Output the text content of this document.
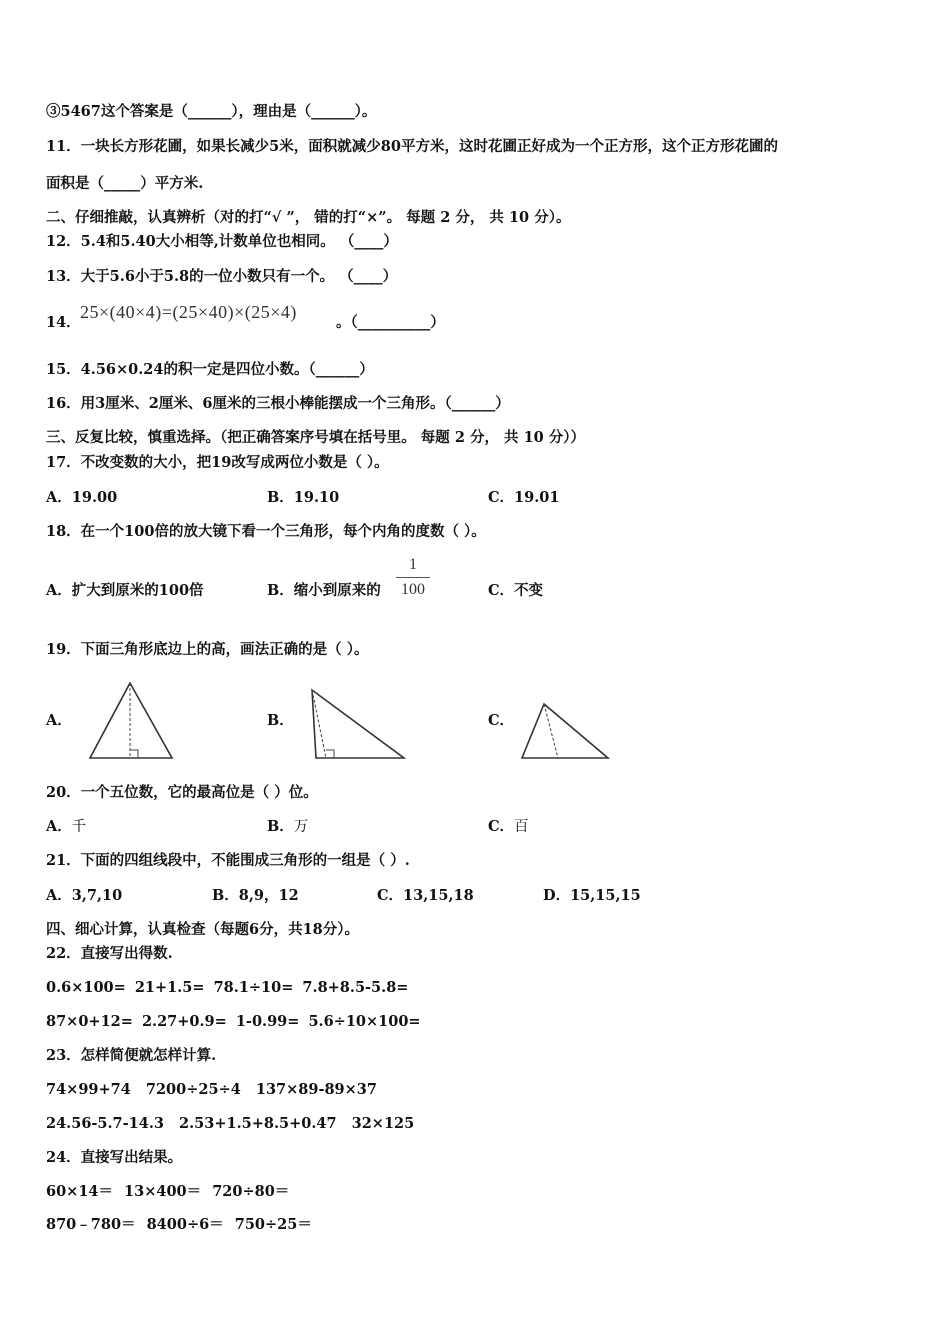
③5467这个答案是（______），理由是（______）。
11．一块长方形花圃，如果长减少5米，面积就减少80平方米，这时花圃正好成为一个正方形，这个正方形花圃的
面积是（_____）平方米.
二、仔细推敲，认真辨析（对的打“√ ”， 错的打“×”。 每题 2 分， 共 10 分）。
12．5.4和5.40大小相等,计数单位也相同。 （____）
13．大于5.6小于5.8的一位小数只有一个。 （____）
14．
25×(40×4)=(25×40)×(25×4)
。（__________）
15．4.56×0.24的积一定是四位小数。（______）
16．用3厘米、2厘米、6厘米的三根小棒能摆成一个三角形。（______）
三、反复比较，慎重选择。（把正确答案序号填在括号里。 每题 2 分， 共 10 分））
17．不改变数的大小，把19改写成两位小数是（ ）。
A．19.00	B．19.10	C．19.01
18．在一个100倍的放大镜下看一个三角形，每个内角的度数（ ）。
A．扩大到原米的100倍	B．缩小到原来的 $\frac{1}{100}$	C．不变
19．下面三角形底边上的高，画法正确的是（ ）。
A．	B．	C．
20．一个五位数，它的最高位是（ ）位。
A．千	B．万	C．百
21．下面的四组线段中，不能围成三角形的一组是（ ）.
A．3,7,10	B．8,9，12	C．13,15,18	D．15,15,15
四、细心计算，认真检查（每题6分，共18分）。
22．直接写出得数.
0.6×100= 21+1.5= 78.1÷10= 7.8+8.5-5.8=
87×0+12= 2.27+0.9= 1-0.99= 5.6÷10×100=
23．怎样简便就怎样计算.
74×99+74 7200÷25÷4 137×89-89×37
24.56-5.7-14.3 2.53+1.5+8.5+0.47 32×125
24．直接写出结果。
60×14＝ 13×400＝ 720÷80＝
870﹣780＝ 8400÷6＝ 750÷25＝
